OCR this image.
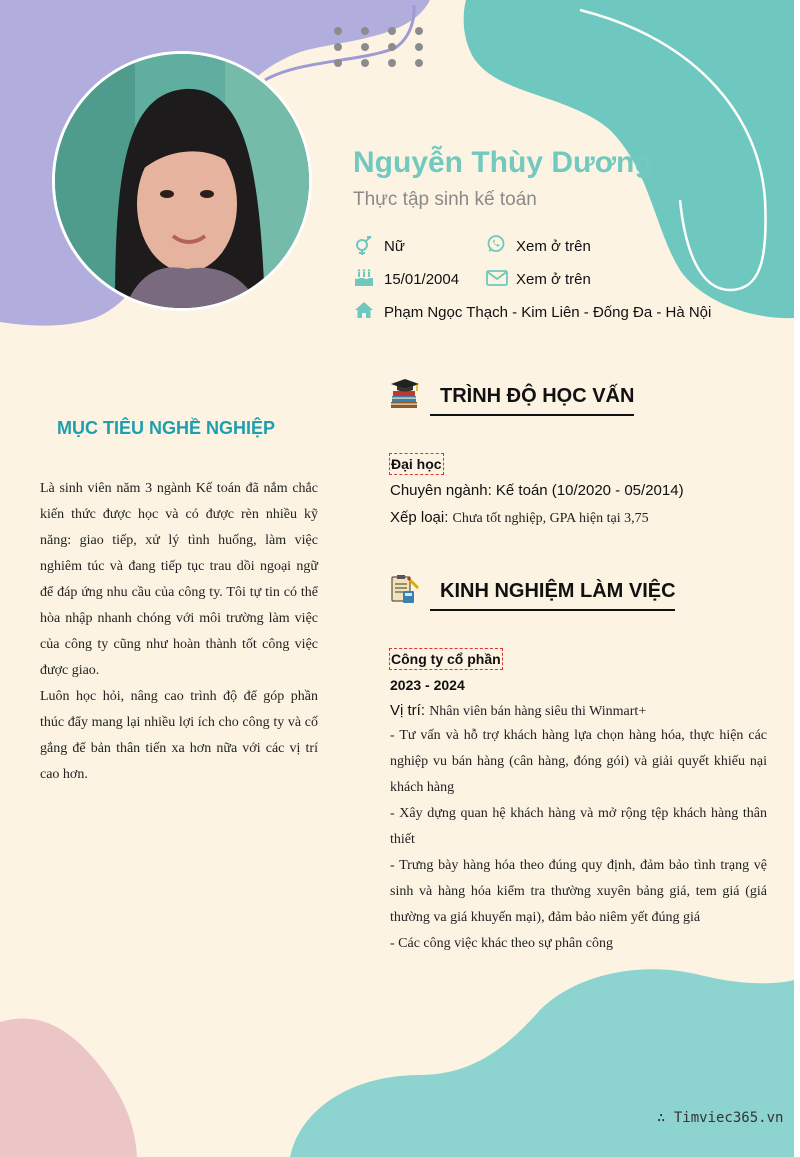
Nguyễn Thùy Dương
Thực tập sinh kế toán
Nữ	Xem ở trên
15/01/2004	Xem ở trên
Phạm Ngọc Thạch - Kim Liên - Đống Đa - Hà Nội
MỤC TIÊU NGHỀ NGHIỆP

Là sinh viên năm 3 ngành Kế toán đã nắm chắc kiến thức được học và có được rèn nhiều kỹ năng: giao tiếp, xử lý tình huống, làm việc nghiêm túc và đang tiếp tục trau dồi ngoại ngữ để đáp ứng nhu cầu của công ty. Tôi tự tin có thể hòa nhập nhanh chóng với môi trường làm việc của công ty cũng như hoàn thành tốt công việc được giao.

Luôn học hỏi, nâng cao trình độ để góp phần thúc đẩy mang lại nhiều lợi ích cho công ty và cố gắng để bản thân tiến xa hơn nữa với các vị trí cao hơn.

TRÌNH ĐỘ HỌC VẤN
Đại học
Chuyên ngành: Kế toán (10/2020 - 05/2014)
Xếp loại: Chưa tốt nghiệp, GPA hiện tại 3,75
KINH NGHIỆM LÀM VIỆC
Công ty cổ phần
2023 - 2024
Vị trí: Nhân viên bán hàng siêu thi Winmart+

- Tư vấn và hỗ trợ khách hàng lựa chọn hàng hóa, thực hiện các nghiệp vu bán hàng (cân hàng, đóng gói) và giải quyết khiếu nại khách hàng

- Xây dựng quan hệ khách hàng và mở rộng tệp khách hàng thân thiết

- Trưng bày hàng hóa theo đúng quy định, đảm bảo tình trạng vệ sinh và hàng hóa kiểm tra thường xuyên bảng giá, tem giá (giá thường va giá khuyến mại), đảm bảo niêm yết đúng giá

- Các công việc khác theo sự phân công

∴ Timviec365.vn
